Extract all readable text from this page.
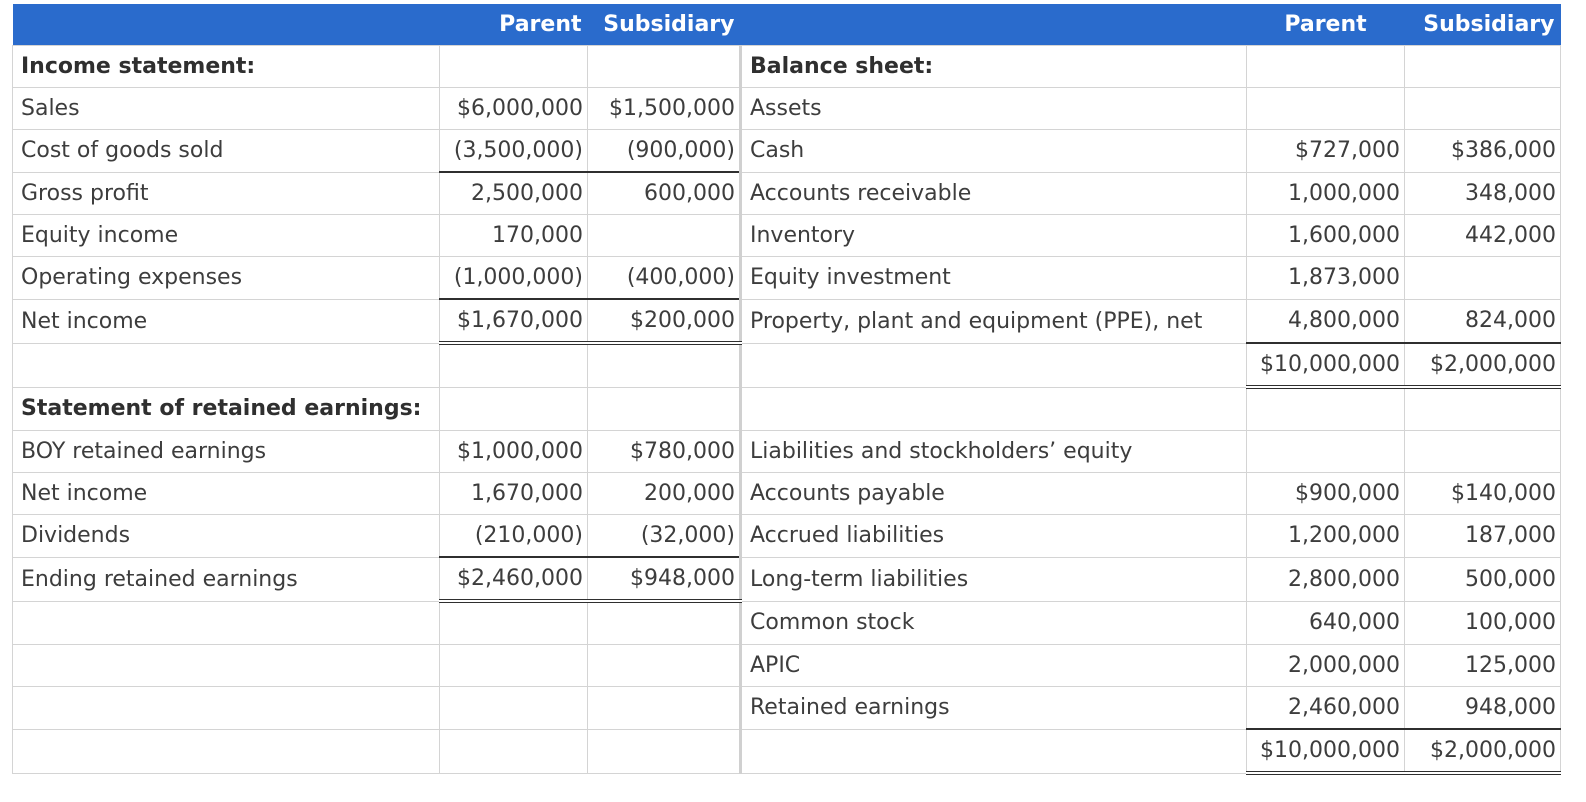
	Parent	Subsidiary		Parent	Subsidiary
Income statement:			Balance sheet:		
Sales	$6,000,000	$1,500,000	Assets		
Cost of goods sold	(3,500,000)	(900,000)	Cash	$727,000	$386,000
Gross profit	2,500,000	600,000	Accounts receivable	1,000,000	348,000
Equity income	170,000		Inventory	1,600,000	442,000
Operating expenses	(1,000,000)	(400,000)	Equity investment	1,873,000	
Net income	$1,670,000	$200,000	Property, plant and equipment (PPE), net	4,800,000	824,000
				$10,000,000	$2,000,000
Statement of retained earnings:					
BOY retained earnings	$1,000,000	$780,000	Liabilities and stockholders’ equity		
Net income	1,670,000	200,000	Accounts payable	$900,000	$140,000
Dividends	(210,000)	(32,000)	Accrued liabilities	1,200,000	187,000
Ending retained earnings	$2,460,000	$948,000	Long-term liabilities	2,800,000	500,000
			Common stock	640,000	100,000
			APIC	2,000,000	125,000
			Retained earnings	2,460,000	948,000
				$10,000,000	$2,000,000
